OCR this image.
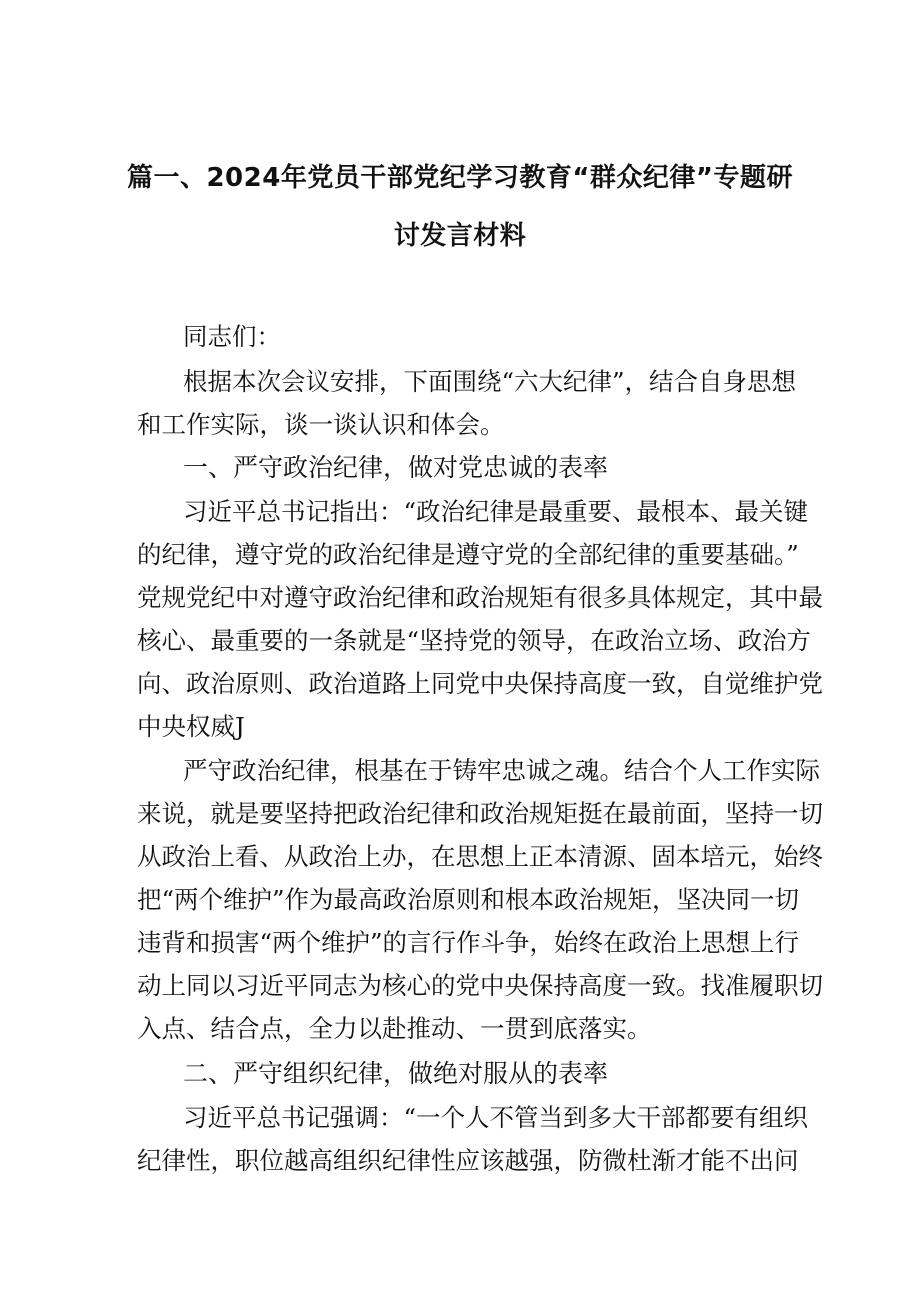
篇一、2024年党员干部党纪学习教育“群众纪律”专题研
讨发言材料
同志们：
根据本次会议安排，下面围绕“六大纪律”，结合自身思想
和工作实际，谈一谈认识和体会。
一、严守政治纪律，做对党忠诚的表率
习近平总书记指出：“政治纪律是最重要、最根本、最关键
的纪律，遵守党的政治纪律是遵守党的全部纪律的重要基础。”
党规党纪中对遵守政治纪律和政治规矩有很多具体规定，其中最
核心、最重要的一条就是“坚持党的领导，在政治立场、政治方
向、政治原则、政治道路上同党中央保持高度一致，自觉维护党
中央权威J
严守政治纪律，根基在于铸牢忠诚之魂。结合个人工作实际
来说，就是要坚持把政治纪律和政治规矩挺在最前面，坚持一切
从政治上看、从政治上办，在思想上正本清源、固本培元，始终
把“两个维护”作为最高政治原则和根本政治规矩，坚决同一切
违背和损害“两个维护”的言行作斗争，始终在政治上思想上行
动上同以习近平同志为核心的党中央保持高度一致。找准履职切
入点、结合点，全力以赴推动、一贯到底落实。
二、严守组织纪律，做绝对服从的表率
习近平总书记强调：“一个人不管当到多大干部都要有组织
纪律性，职位越高组织纪律性应该越强，防微杜渐才能不出问
